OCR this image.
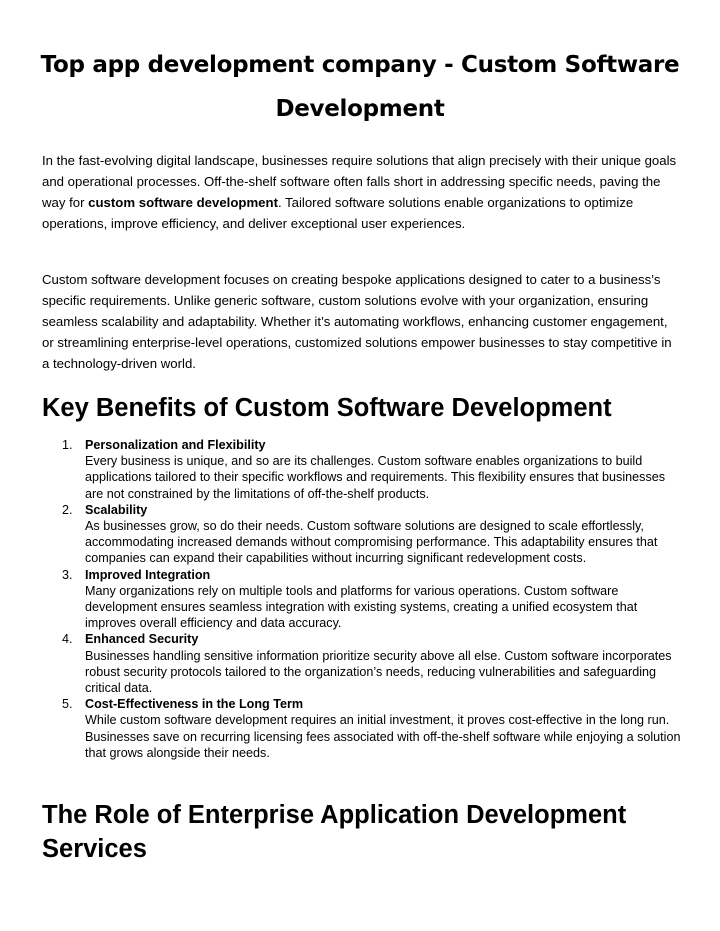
Top app development company - Custom Software Development

In the fast-evolving digital landscape, businesses require solutions that align precisely with their unique goals and operational processes. Off-the-shelf software often falls short in addressing specific needs, paving the way for custom software development. Tailored software solutions enable organizations to optimize operations, improve efficiency, and deliver exceptional user experiences.

Custom software development focuses on creating bespoke applications designed to cater to a business’s specific requirements. Unlike generic software, custom solutions evolve with your organization, ensuring seamless scalability and adaptability. Whether it’s automating workflows, enhancing customer engagement, or streamlining enterprise-level operations, customized solutions empower businesses to stay competitive in a technology-driven world.

Key Benefits of Custom Software Development
1. Personalization and Flexibility
Every business is unique, and so are its challenges. Custom software enables organizations to build applications tailored to their specific workflows and requirements. This flexibility ensures that businesses are not constrained by the limitations of off-the-shelf products.
2. Scalability
As businesses grow, so do their needs. Custom software solutions are designed to scale effortlessly, accommodating increased demands without compromising performance. This adaptability ensures that companies can expand their capabilities without incurring significant redevelopment costs.
3. Improved Integration
Many organizations rely on multiple tools and platforms for various operations. Custom software development ensures seamless integration with existing systems, creating a unified ecosystem that improves overall efficiency and data accuracy.
4. Enhanced Security
Businesses handling sensitive information prioritize security above all else. Custom software incorporates robust security protocols tailored to the organization’s needs, reducing vulnerabilities and safeguarding critical data.
5. Cost-Effectiveness in the Long Term
While custom software development requires an initial investment, it proves cost-effective in the long run. Businesses save on recurring licensing fees associated with off-the-shelf software while enjoying a solution that grows alongside their needs.
The Role of Enterprise Application Development Services
